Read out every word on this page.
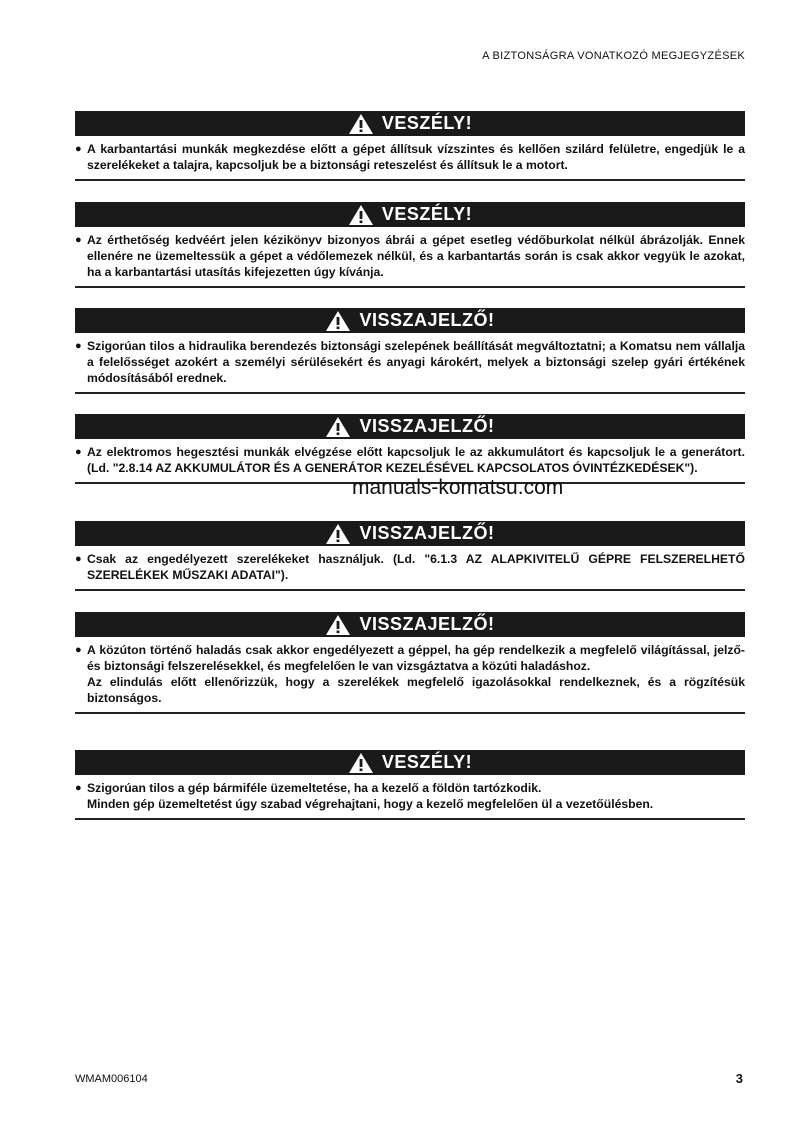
A BIZTONSÁGRA VONATKOZÓ MEGJEGYZÉSEK
VESZÉLY!
● A karbantartási munkák megkezdése előtt a gépet állítsuk vízszintes és kellően szilárd felületre, engedjük le a szerelékeket a talajra, kapcsoljuk be a biztonsági reteszelést és állítsuk le a motort.
VESZÉLY!
● Az érthetőség kedvéért jelen kézikönyv bizonyos ábrái a gépet esetleg védőburkolat nélkül ábrázolják. Ennek ellenére ne üzemeltessük a gépet a védőlemezek nélkül, és a karbantartás során is csak akkor vegyük le azokat, ha a karbantartási utasítás kifejezetten úgy kívánja.
VISSZAJELZŐ!
● Szigorúan tilos a hidraulika berendezés biztonsági szelepének beállítását megváltoztatni; a Komatsu nem vállalja a felelősséget azokért a személyi sérülésekért és anyagi károkért, melyek a biztonsági szelep gyári értékének módosításából erednek.
VISSZAJELZŐ!
● Az elektromos hegesztési munkák elvégzése előtt kapcsoljuk le az akkumulátort és kapcsoljuk le a generátort. (Ld. "2.8.14 AZ AKKUMULÁTOR ÉS A GENERÁTOR KEZELÉSÉVEL KAPCSOLATOS ÓVINTÉZKEDÉSEK").
VISSZAJELZŐ!
● Csak az engedélyezett szerelékeket használjuk. (Ld. "6.1.3 AZ ALAPKIVITELŰ GÉPRE FELSZERELHETŐ SZERELÉKEK MŰSZAKI ADATAI").
VISSZAJELZŐ!
● A közúton történő haladás csak akkor engedélyezett a géppel, ha gép rendelkezik a megfelelő világítással, jelző- és biztonsági felszerelésekkel, és megfelelően le van vizsgáztatva a közúti haladáshoz.
Az elindulás előtt ellenőrizzük, hogy a szerelékek megfelelő igazolásokkal rendelkeznek, és a rögzítésük biztonságos.
VESZÉLY!
● Szigorúan tilos a gép bármiféle üzemeltetése, ha a kezelő a földön tartózkodik.
Minden gép üzemeltetést úgy szabad végrehajtani, hogy a kezelő megfelelően ül a vezetőülésben.
manuals-komatsu.com
WMAM006104	3
